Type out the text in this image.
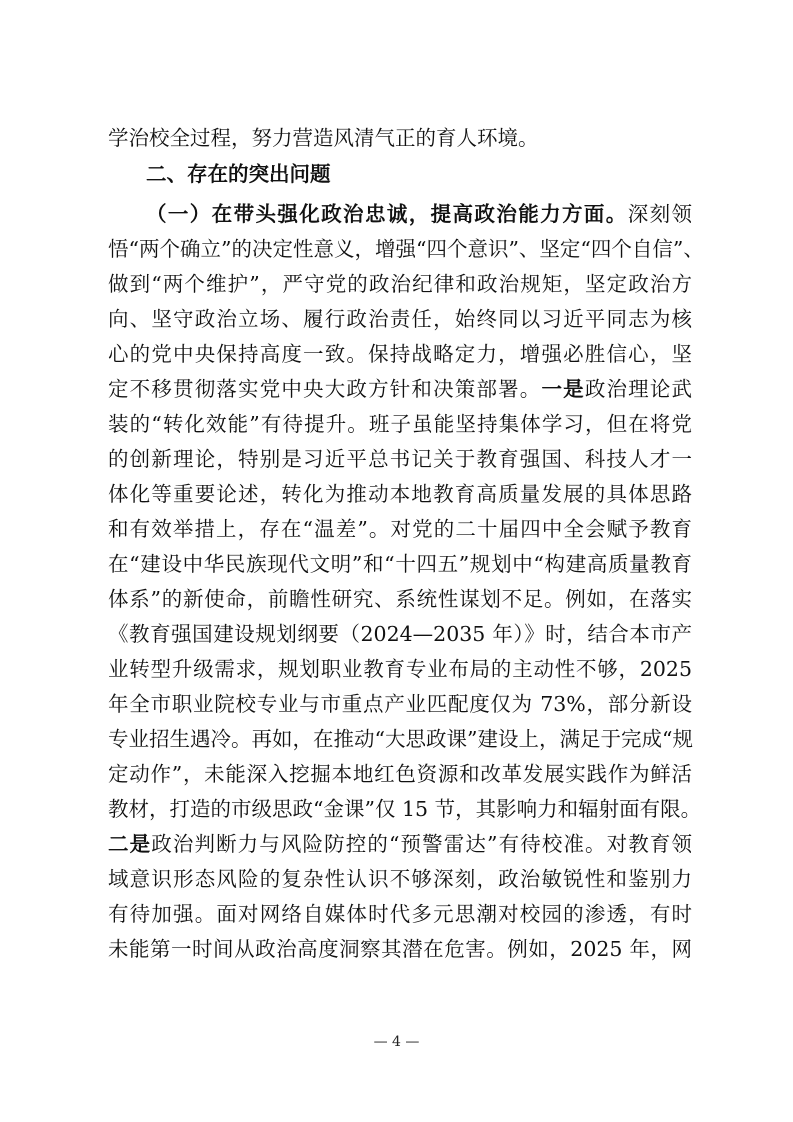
学治校全过程，努力营造风清气正的育人环境。
二、存在的突出问题
（一）在带头强化政治忠诚，提高政治能力方面。深刻领
悟“两个确立”的决定性意义，增强“四个意识”、坚定“四个自信”、
做到“两个维护”，严守党的政治纪律和政治规矩，坚定政治方
向、坚守政治立场、履行政治责任，始终同以习近平同志为核
心的党中央保持高度一致。保持战略定力，增强必胜信心，坚
定不移贯彻落实党中央大政方针和决策部署。一是政治理论武
装的“转化效能”有待提升。班子虽能坚持集体学习，但在将党
的创新理论，特别是习近平总书记关于教育强国、科技人才一
体化等重要论述，转化为推动本地教育高质量发展的具体思路
和有效举措上，存在“温差”。对党的二十届四中全会赋予教育
在“建设中华民族现代文明”和“十四五”规划中“构建高质量教育
体系”的新使命，前瞻性研究、系统性谋划不足。例如，在落实
《教育强国建设规划纲要（2024—2035 年）》时，结合本市产
业转型升级需求，规划职业教育专业布局的主动性不够，2025
年全市职业院校专业与市重点产业匹配度仅为 73%，部分新设
专业招生遇冷。再如，在推动“大思政课”建设上，满足于完成“规
定动作”，未能深入挖掘本地红色资源和改革发展实践作为鲜活
教材，打造的市级思政“金课”仅 15 节，其影响力和辐射面有限。
二是政治判断力与风险防控的“预警雷达”有待校准。对教育领
域意识形态风险的复杂性认识不够深刻，政治敏锐性和鉴别力
有待加强。面对网络自媒体时代多元思潮对校园的渗透，有时
未能第一时间从政治高度洞察其潜在危害。例如，2025 年，网
— 4 —
